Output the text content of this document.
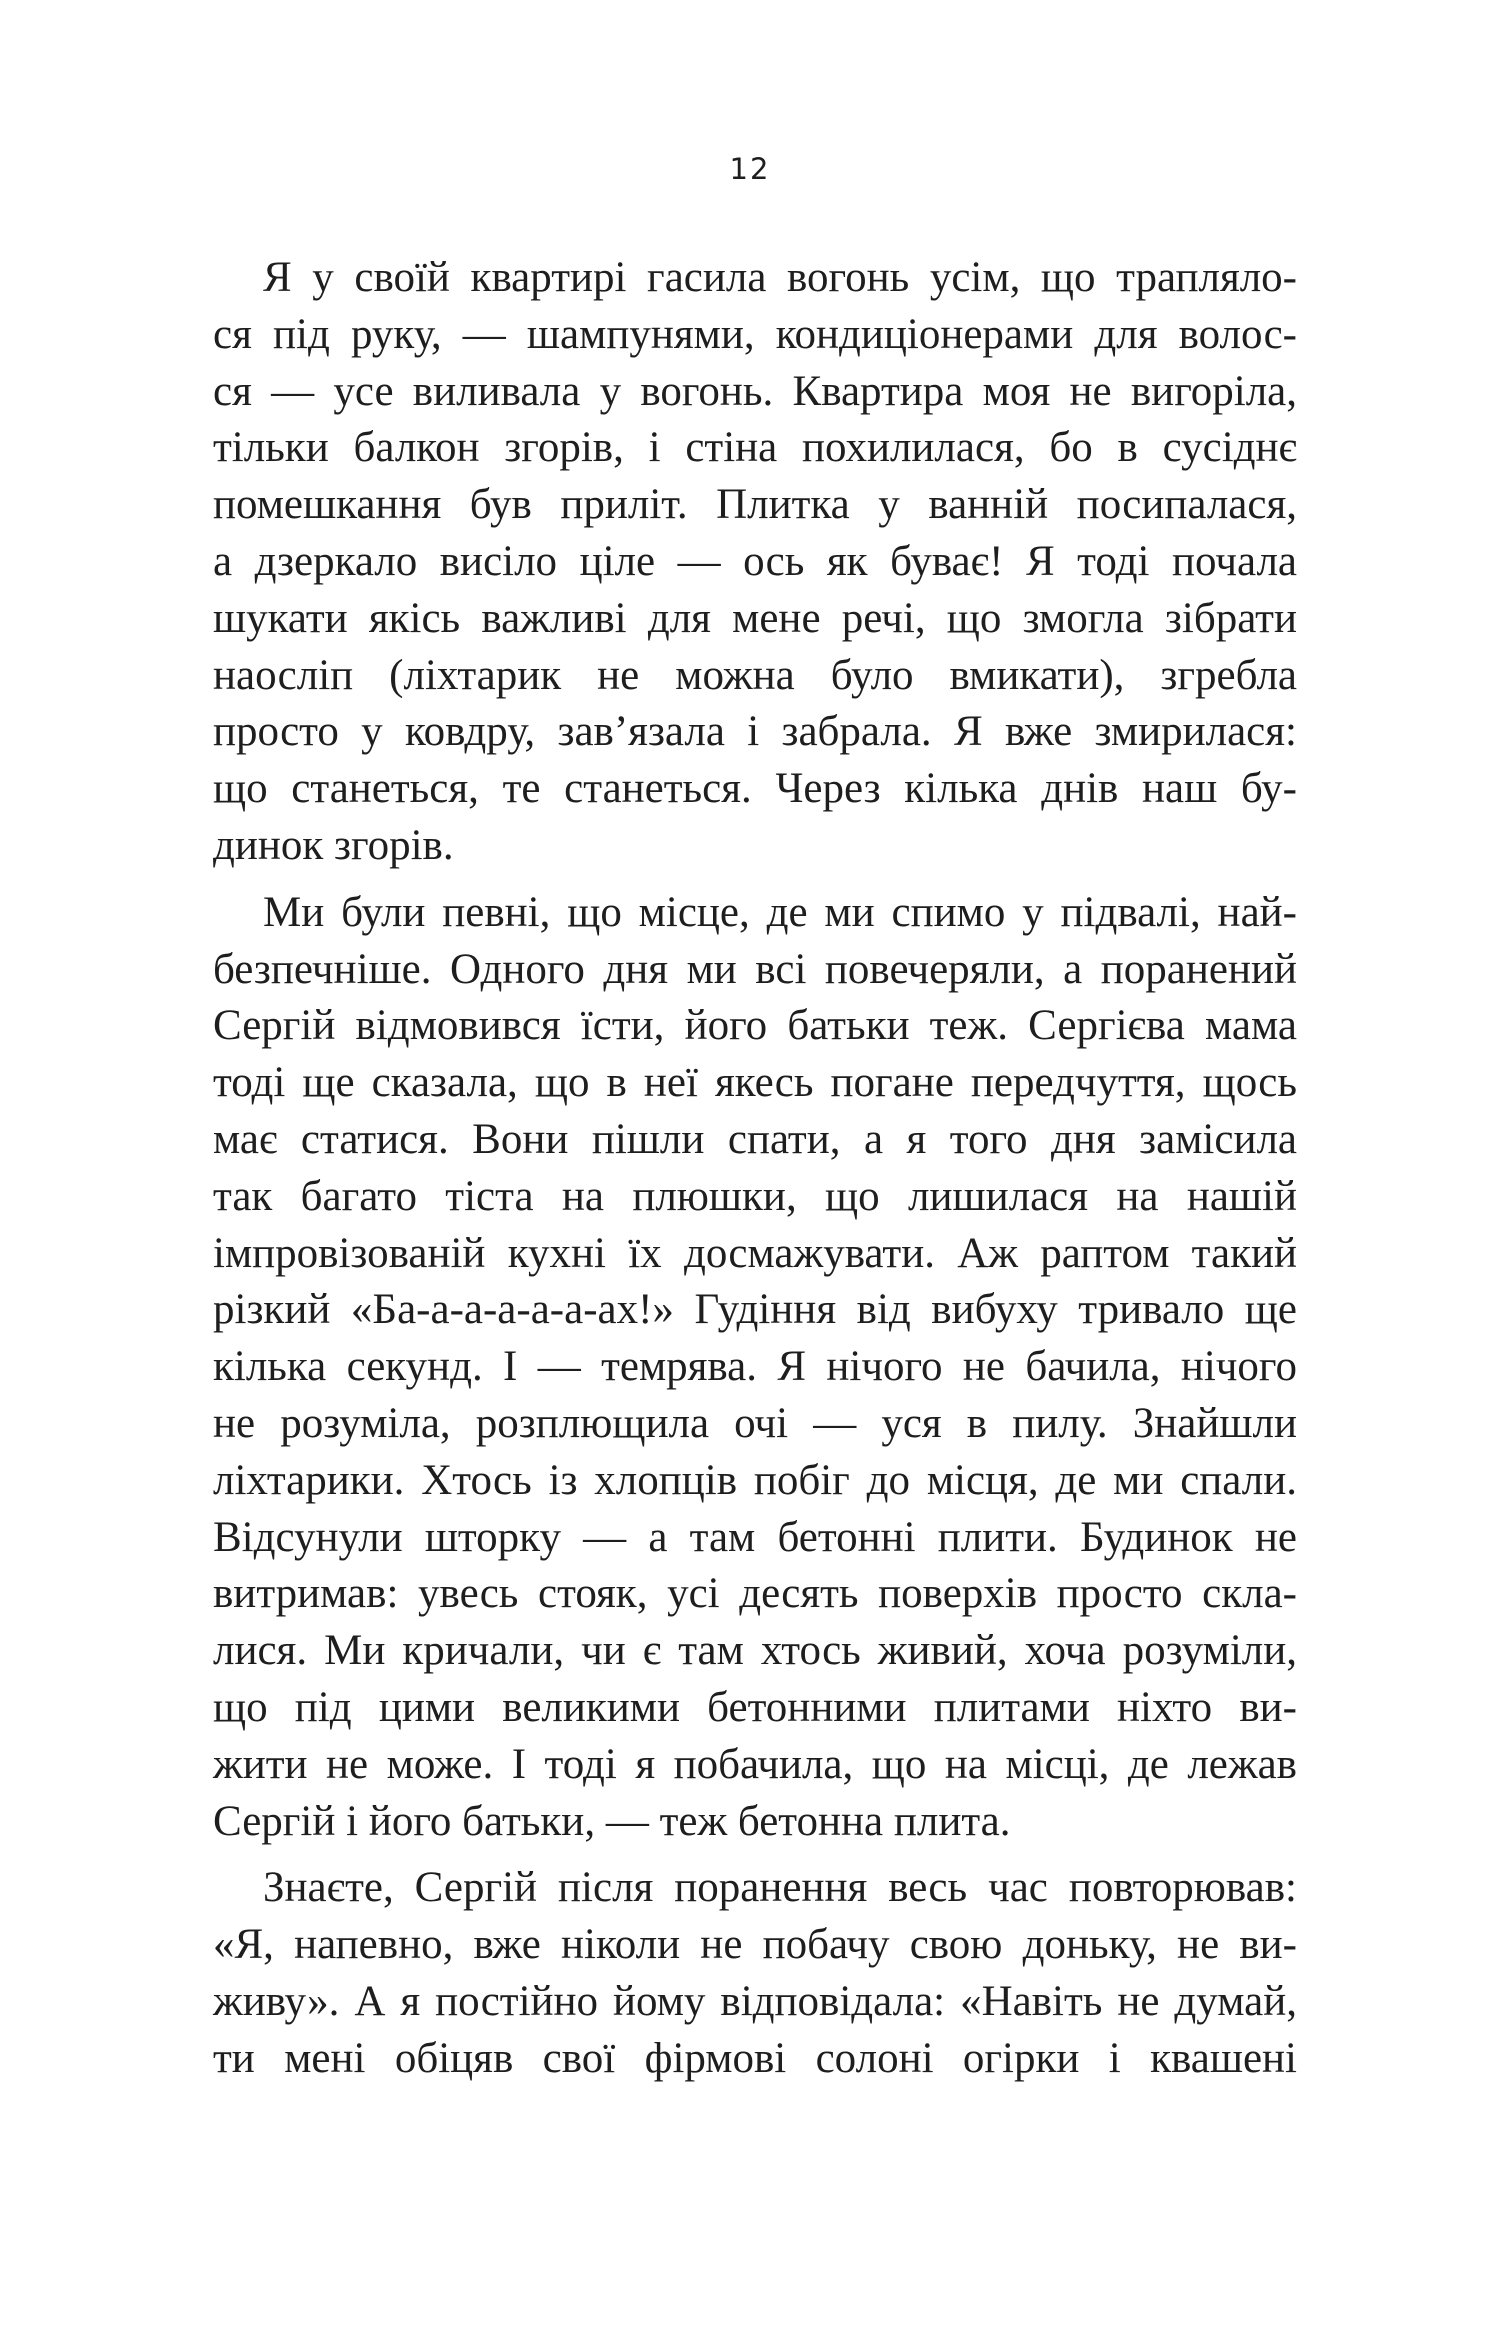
12
Я у своїй квартирі гасила вогонь усім, що трапляло-
ся під руку, — шампунями, кондиціонерами для волос-
ся — усе виливала у вогонь. Квартира моя не вигоріла,
тільки балкон згорів, і стіна похилилася, бо в сусіднє
помешкання був приліт. Плитка у ванній посипалася,
а дзеркало висіло ціле — ось як буває! Я тоді почала
шукати якісь важливі для мене речі, що змогла зібрати
наосліп (ліхтарик не можна було вмикати), згребла
просто у ковдру, зав’язала і забрала. Я вже змирилася:
що станеться, те станеться. Через кілька днів наш бу-
динок згорів.
Ми були певні, що місце, де ми спимо у підвалі, най-
безпечніше. Одного дня ми всі повечеряли, а поранений
Сергій відмовився їсти, його батьки теж. Сергієва мама
тоді ще сказала, що в неї якесь погане передчуття, щось
має статися. Вони пішли спати, а я того дня замісила
так багато тіста на плюшки, що лишилася на нашій
імпровізованій кухні їх досмажувати. Аж раптом такий
різкий «Ба-а-а-а-а-а-ах!» Гудіння від вибуху тривало ще
кілька секунд. І — темрява. Я нічого не бачила, нічого
не розуміла, розплющила очі — уся в пилу. Знайшли
ліхтарики. Хтось із хлопців побіг до місця, де ми спали.
Відсунули шторку — а там бетонні плити. Будинок не
витримав: увесь стояк, усі десять поверхів просто скла-
лися. Ми кричали, чи є там хтось живий, хоча розуміли,
що під цими великими бетонними плитами ніхто ви-
жити не може. І тоді я побачила, що на місці, де лежав
Сергій і його батьки, — теж бетонна плита.
Знаєте, Сергій після поранення весь час повторював:
«Я, напевно, вже ніколи не побачу свою доньку, не ви-
живу». А я постійно йому відповідала: «Навіть не думай,
ти мені обіцяв свої фірмові солоні огірки і квашені
